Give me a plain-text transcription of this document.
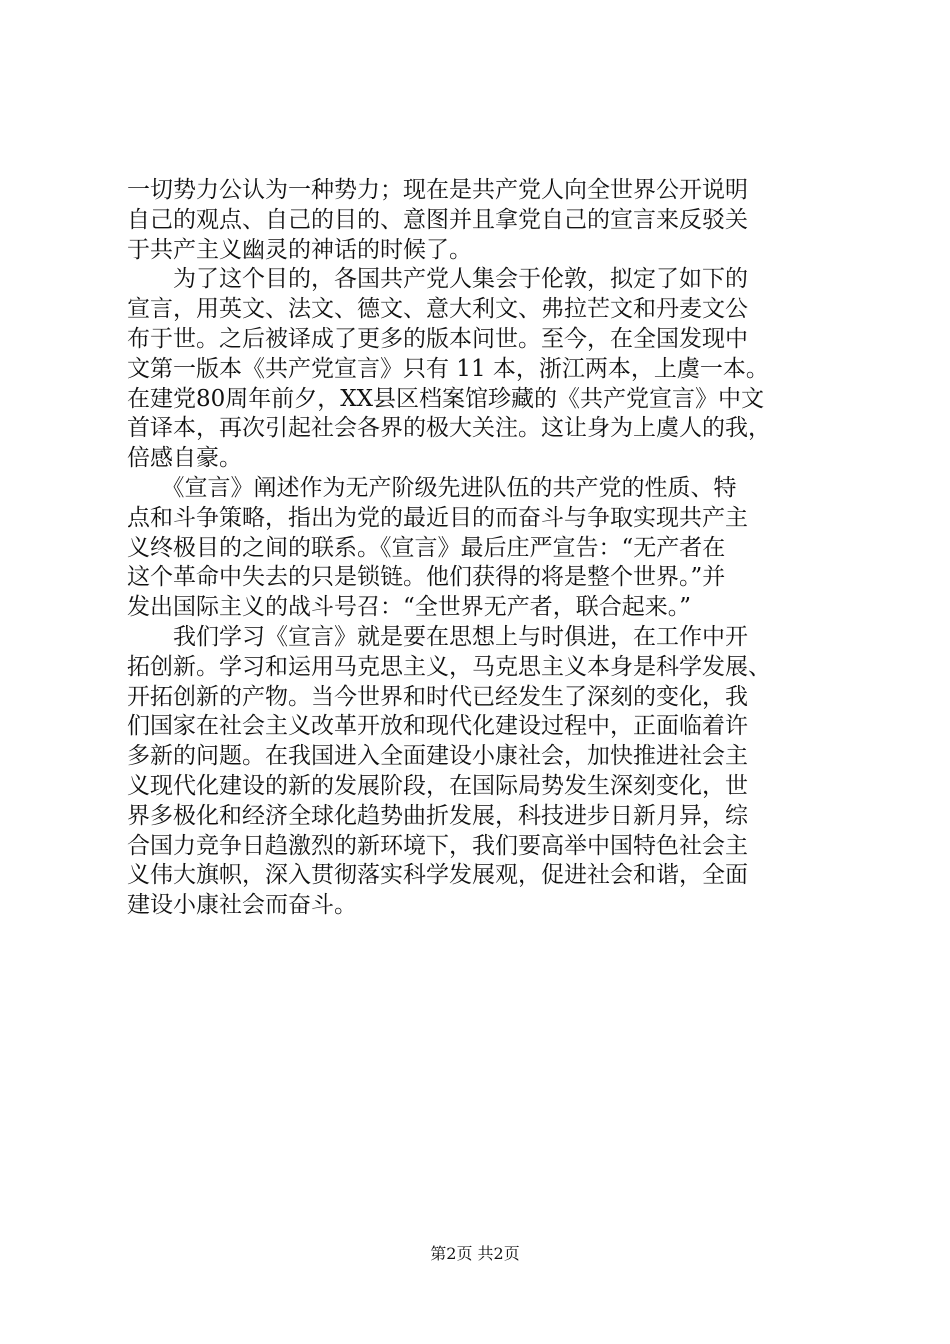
一切势力公认为一种势力；现在是共产党人向全世界公开说明
自己的观点、自己的目的、意图并且拿党自己的宣言来反驳关
于共产主义幽灵的神话的时候了。
　　为了这个目的，各国共产党人集会于伦敦，拟定了如下的
宣言，用英文、法文、德文、意大利文、弗拉芒文和丹麦文公
布于世。之后被译成了更多的版本问世。至今，在全国发现中
文第一版本《共产党宣言》只有 11 本，浙江两本，上虞一本。
在建党80周年前夕，XX县区档案馆珍藏的《共产党宣言》中文
首译本，再次引起社会各界的极大关注。这让身为上虞人的我，
倍感自豪。
　　《宣言》阐述作为无产阶级先进队伍的共产党的性质、特
点和斗争策略，指出为党的最近目的而奋斗与争取实现共产主
义终极目的之间的联系。《宣言》最后庄严宣告：“无产者在
这个革命中失去的只是锁链。他们获得的将是整个世界。”并
发出国际主义的战斗号召：“全世界无产者，联合起来。”
　　我们学习《宣言》就是要在思想上与时俱进，在工作中开
拓创新。学习和运用马克思主义，马克思主义本身是科学发展、
开拓创新的产物。当今世界和时代已经发生了深刻的变化，我
们国家在社会主义改革开放和现代化建设过程中，正面临着许
多新的问题。在我国进入全面建设小康社会，加快推进社会主
义现代化建设的新的发展阶段，在国际局势发生深刻变化，世
界多极化和经济全球化趋势曲折发展，科技进步日新月异，综
合国力竞争日趋激烈的新环境下，我们要高举中国特色社会主
义伟大旗帜，深入贯彻落实科学发展观，促进社会和谐，全面
建设小康社会而奋斗。
第2页 共2页
